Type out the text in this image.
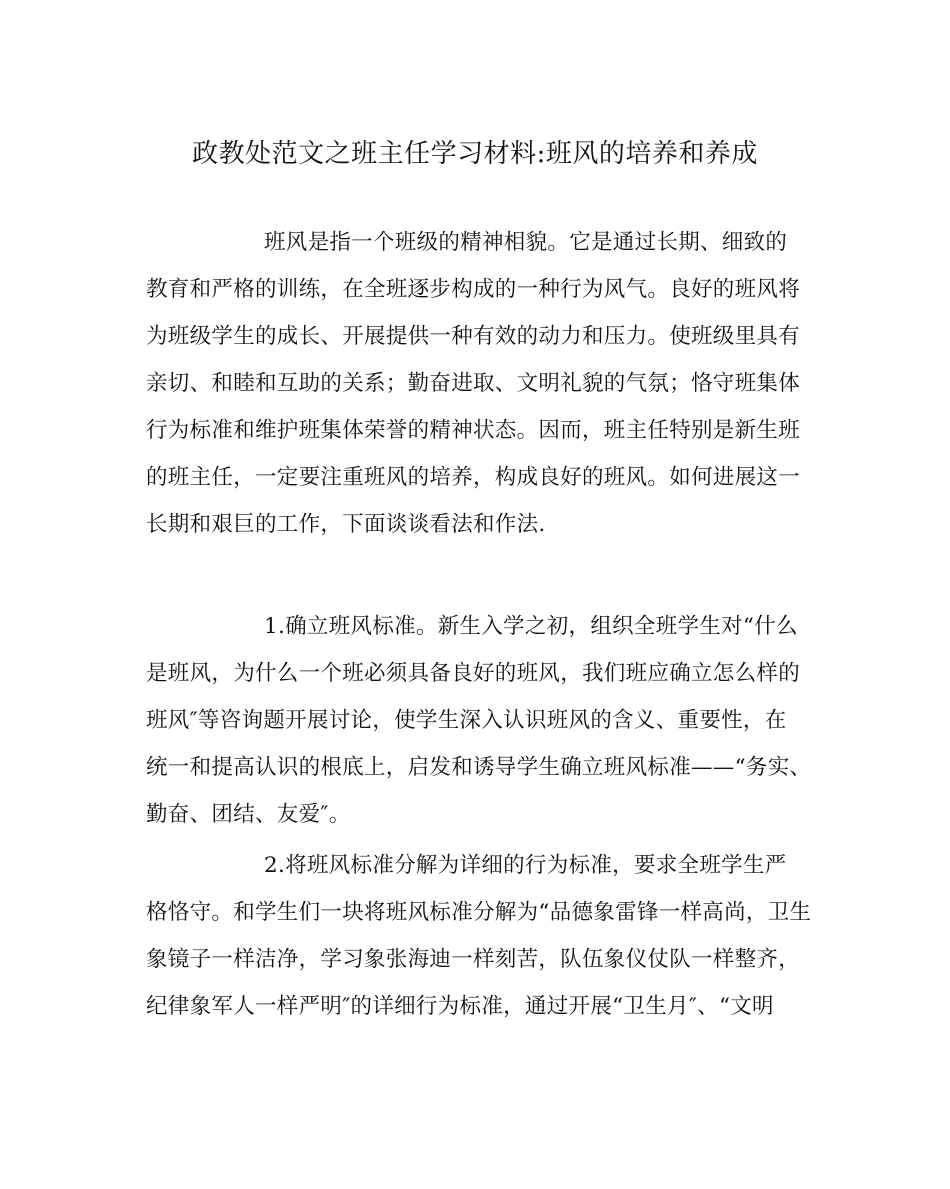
政教处范文之班主任学习材料:班风的培养和养成
班风是指一个班级的精神相貌。它是通过长期、细致的
教育和严格的训练，在全班逐步构成的一种行为风气。良好的班风将
为班级学生的成长、开展提供一种有效的动力和压力。使班级里具有
亲切、和睦和互助的关系；勤奋进取、文明礼貌的气氛；恪守班集体
行为标准和维护班集体荣誉的精神状态。因而，班主任特别是新生班
的班主任，一定要注重班风的培养，构成良好的班风。如何进展这一
长期和艰巨的工作，下面谈谈看法和作法.
1.确立班风标准。新生入学之初，组织全班学生对“什么
是班风，为什么一个班必须具备良好的班风，我们班应确立怎么样的
班风″等咨询题开展讨论，使学生深入认识班风的含义、重要性，在
统一和提高认识的根底上，启发和诱导学生确立班风标准——“务实、
勤奋、团结、友爱″。
2.将班风标准分解为详细的行为标准，要求全班学生严
格恪守。和学生们一块将班风标准分解为“品德象雷锋一样高尚，卫生
象镜子一样洁净，学习象张海迪一样刻苦，队伍象仪仗队一样整齐，
纪律象军人一样严明″的详细行为标准，通过开展“卫生月″、“文明
